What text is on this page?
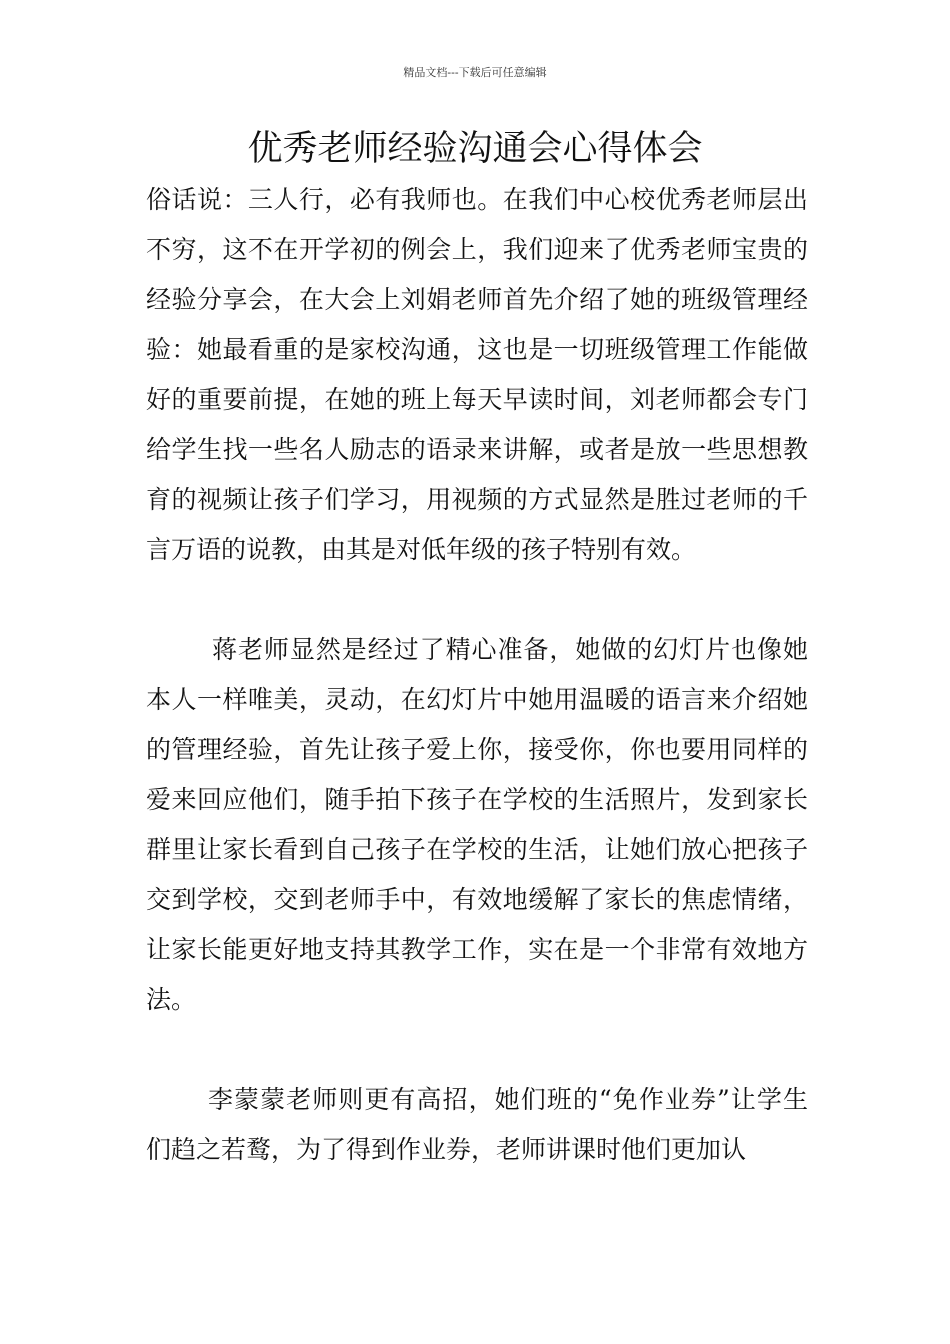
精品文档---下载后可任意编辑
优秀老师经验沟通会心得体会

俗话说：三人行，必有我师也。在我们中心校优秀老师层出不穷，这不在开学初的例会上，我们迎来了优秀老师宝贵的经验分享会，在大会上刘娟老师首先介绍了她的班级管理经验：她最看重的是家校沟通，这也是一切班级管理工作能做好的重要前提，在她的班上每天早读时间，刘老师都会专门给学生找一些名人励志的语录来讲解，或者是放一些思想教育的视频让孩子们学习，用视频的方式显然是胜过老师的千言万语的说教，由其是对低年级的孩子特别有效。

蒋老师显然是经过了精心准备，她做的幻灯片也像她本人一样唯美，灵动，在幻灯片中她用温暖的语言来介绍她的管理经验，首先让孩子爱上你，接受你，你也要用同样的爱来回应他们，随手拍下孩子在学校的生活照片，发到家长群里让家长看到自己孩子在学校的生活，让她们放心把孩子交到学校，交到老师手中，有效地缓解了家长的焦虑情绪，让家长能更好地支持其教学工作，实在是一个非常有效地方法。

李蒙蒙老师则更有高招，她们班的“免作业券”让学生们趋之若鹜，为了得到作业券，老师讲课时他们更加认
